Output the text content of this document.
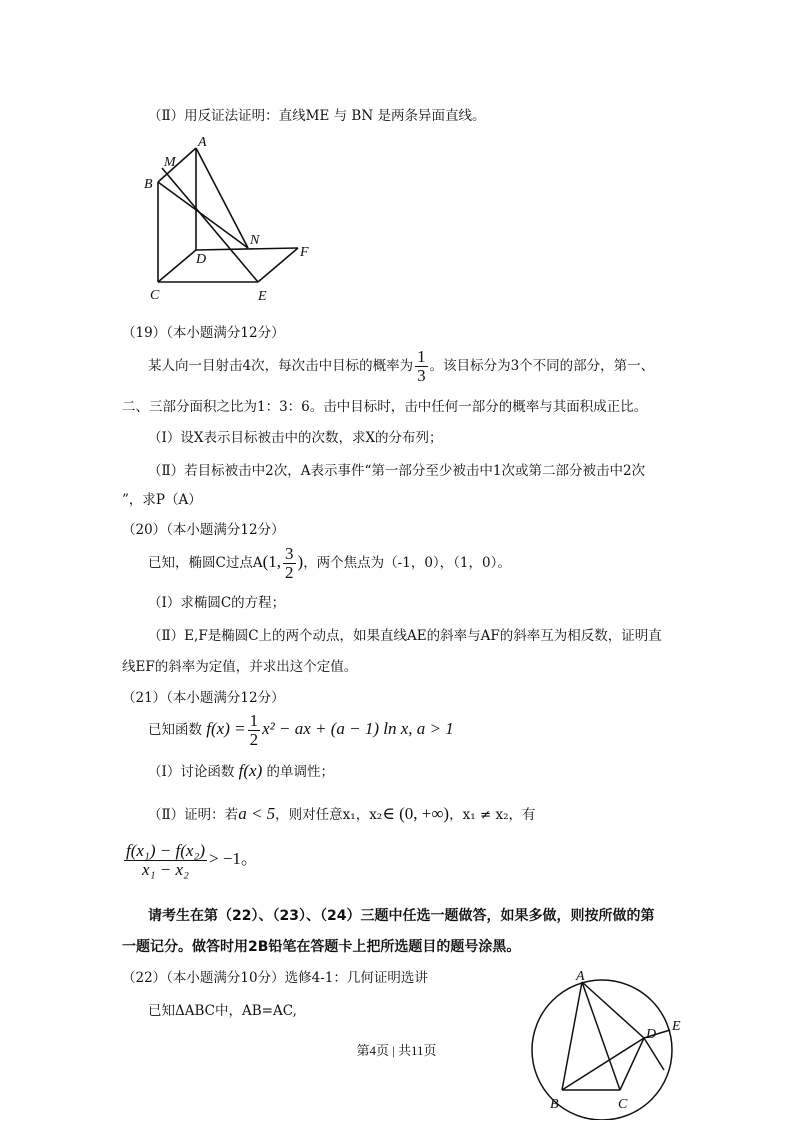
（Ⅱ）用反证法证明：直线ME 与 BN 是两条异面直线。
A
M
B
N
F
D
C	E
（19）（本小题满分12分）
某人向一目射击4次，每次击中目标的概率为 $\frac{1}{3}$ 。该目标分为3个不同的部分，第一、
二、三部分面积之比为1：3：6。击中目标时，击中任何一部分的概率与其面积成正比。
（Ⅰ）设X表示目标被击中的次数，求X的分布列；
（Ⅱ）若目标被击中2次，A表示事件“第一部分至少被击中1次或第二部分被击中2次
”，求P（A）
（20）（本小题满分12分）
已知，椭圆C过点A(1, $\frac{3}{2}$ )，两个焦点为（-1，0），（1，0）。
（Ⅰ）求椭圆C的方程；
（Ⅱ）E,F是椭圆C上的两个动点，如果直线AE的斜率与AF的斜率互为相反数，证明直
线EF的斜率为定值，并求出这个定值。
（21）（本小题满分12分）
已知函数 $f(x) = \frac{1}{2} x^2$ − ax + (a − 1) ln x, a > 1
（Ⅰ）讨论函数 f(x) 的单调性；
（Ⅱ）证明：若a < 5，则对任意x₁，x₂∈ (0, +∞)，x₁ ≠ x₂，有
$\frac{\text{f(x₁) − f(x₂)}}{\text{x₁ − x₂}} > -1$。
请考生在第（22）、（23）、（24）三题中任选一题做答，如果多做，则按所做的第
一题记分。做答时用2B铅笔在答题卡上把所选题目的题号涂黑。
（22）（本小题满分10分）选修4-1：几何证明选讲
已知ΔABC中，AB=AC,
A
D
E
B	C
第4页 | 共11页
